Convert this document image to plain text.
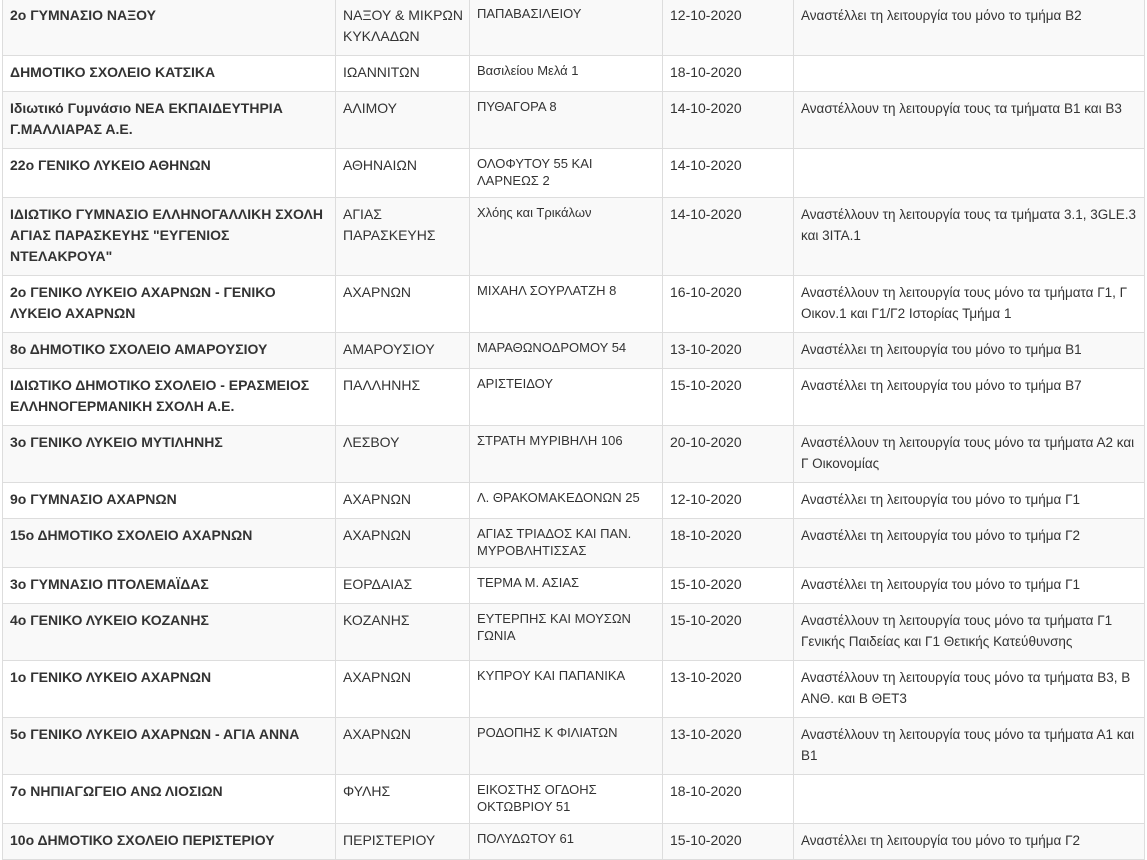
2ο ΓΥΜΝΑΣΙΟ ΝΑΞΟΥ	ΝΑΞΟΥ & ΜΙΚΡΩΝ ΚΥΚΛΑΔΩΝ	ΠΑΠΑΒΑΣΙΛΕΙΟΥ	12-10-2020	Αναστέλλει τη λειτουργία του μόνο το τμήμα Β2
ΔΗΜΟΤΙΚΟ ΣΧΟΛΕΙΟ ΚΑΤΣΙΚΑ	ΙΩΑΝΝΙΤΩΝ	Βασιλείου Μελά 1	18-10-2020	
Ιδιωτικό Γυμνάσιο ΝΕΑ ΕΚΠΑΙΔΕΥΤΗΡΙΑ Γ.ΜΑΛΛΙΑΡΑΣ Α.Ε.	ΑΛΙΜΟΥ	ΠΥΘΑΓΟΡΑ 8	14-10-2020	Αναστέλλουν τη λειτουργία τους τα τμήματα Β1 και Β3
22ο ΓΕΝΙΚΟ ΛΥΚΕΙΟ ΑΘΗΝΩΝ	ΑΘΗΝΑΙΩΝ	ΟΛΟΦΥΤΟΥ 55 ΚΑΙ ΛΑΡΝΕΩΣ 2	14-10-2020	
ΙΔΙΩΤΙΚΟ ΓΥΜΝΑΣΙΟ ΕΛΛΗΝΟΓΑΛΛΙΚΗ ΣΧΟΛΗ ΑΓΙΑΣ ΠΑΡΑΣΚΕΥΗΣ "ΕΥΓΕΝΙΟΣ ΝΤΕΛΑΚΡΟΥΑ"	ΑΓΙΑΣ ΠΑΡΑΣΚΕΥΗΣ	Χλόης και Τρικάλων	14-10-2020	Αναστέλλουν τη λειτουργία τους τα τμήματα 3.1, 3GLE.3 και 3ITA.1
2ο ΓΕΝΙΚΟ ΛΥΚΕΙΟ ΑΧΑΡΝΩΝ - ΓΕΝΙΚΟ ΛΥΚΕΙΟ ΑΧΑΡΝΩΝ	ΑΧΑΡΝΩΝ	ΜΙΧΑΗΛ ΣΟΥΡΛΑΤΖΗ 8	16-10-2020	Αναστέλλουν τη λειτουργία τους μόνο τα τμήματα Γ1, Γ Οικον.1 και Γ1/Γ2 Ιστορίας Τμήμα 1
8ο ΔΗΜΟΤΙΚΟ ΣΧΟΛΕΙΟ ΑΜΑΡΟΥΣΙΟΥ	ΑΜΑΡΟΥΣΙΟΥ	ΜΑΡΑΘΩΝΟΔΡΟΜΟΥ 54	13-10-2020	Αναστέλλει τη λειτουργία του μόνο το τμήμα Β1
ΙΔΙΩΤΙΚΟ ΔΗΜΟΤΙΚΟ ΣΧΟΛΕΙΟ - ΕΡΑΣΜΕΙΟΣ ΕΛΛΗΝΟΓΕΡΜΑΝΙΚΗ ΣΧΟΛΗ Α.Ε.	ΠΑΛΛΗΝΗΣ	ΑΡΙΣΤΕΙΔΟΥ	15-10-2020	Αναστέλλει τη λειτουργία του μόνο το τμήμα Β7
3ο ΓΕΝΙΚΟ ΛΥΚΕΙΟ ΜΥΤΙΛΗΝΗΣ	ΛΕΣΒΟΥ	ΣΤΡΑΤΗ ΜΥΡΙΒΗΛΗ 106	20-10-2020	Αναστέλλουν τη λειτουργία τους μόνο τα τμήματα Α2 και Γ Οικονομίας
9ο ΓΥΜΝΑΣΙΟ ΑΧΑΡΝΩΝ	ΑΧΑΡΝΩΝ	Λ. ΘΡΑΚΟΜΑΚΕΔΟΝΩΝ 25	12-10-2020	Αναστέλλει τη λειτουργία του μόνο το τμήμα Γ1
15ο ΔΗΜΟΤΙΚΟ ΣΧΟΛΕΙΟ ΑΧΑΡΝΩΝ	ΑΧΑΡΝΩΝ	ΑΓΙΑΣ ΤΡΙΑΔΟΣ ΚΑΙ ΠΑΝ. ΜΥΡΟΒΛΗΤΙΣΣΑΣ	18-10-2020	Αναστέλλει τη λειτουργία του μόνο το τμήμα Γ2
3ο ΓΥΜΝΑΣΙΟ ΠΤΟΛΕΜΑΪΔΑΣ	ΕΟΡΔΑΙΑΣ	ΤΕΡΜΑ Μ. ΑΣΙΑΣ	15-10-2020	Αναστέλλει τη λειτουργία του μόνο το τμήμα Γ1
4ο ΓΕΝΙΚΟ ΛΥΚΕΙΟ ΚΟΖΑΝΗΣ	ΚΟΖΑΝΗΣ	ΕΥΤΕΡΠΗΣ ΚΑΙ ΜΟΥΣΩΝ ΓΩΝΙΑ	15-10-2020	Αναστέλλουν τη λειτουργία τους μόνο τα τμήματα Γ1 Γενικής Παιδείας και Γ1 Θετικής Κατεύθυνσης
1ο ΓΕΝΙΚΟ ΛΥΚΕΙΟ ΑΧΑΡΝΩΝ	ΑΧΑΡΝΩΝ	ΚΥΠΡΟΥ ΚΑΙ ΠΑΠΑΝΙΚΑ	13-10-2020	Αναστέλλουν τη λειτουργία τους μόνο τα τμήματα Β3, Β ΑΝΘ. και Β ΘΕΤ3
5ο ΓΕΝΙΚΟ ΛΥΚΕΙΟ ΑΧΑΡΝΩΝ - ΑΓΙΑ ΑΝΝΑ	ΑΧΑΡΝΩΝ	ΡΟΔΟΠΗΣ Κ ΦΙΛΙΑΤΩΝ	13-10-2020	Αναστέλλουν τη λειτουργία τους μόνο τα τμήματα Α1 και Β1
7ο ΝΗΠΙΑΓΩΓΕΙΟ ΑΝΩ ΛΙΟΣΙΩΝ	ΦΥΛΗΣ	ΕΙΚΟΣΤΗΣ ΟΓΔΟΗΣ ΟΚΤΩΒΡΙΟΥ 51	18-10-2020	
10ο ΔΗΜΟΤΙΚΟ ΣΧΟΛΕΙΟ ΠΕΡΙΣΤΕΡΙΟΥ	ΠΕΡΙΣΤΕΡΙΟΥ	ΠΟΛΥΔΩΤΟΥ 61	15-10-2020	Αναστέλλει τη λειτουργία του μόνο το τμήμα Γ2
